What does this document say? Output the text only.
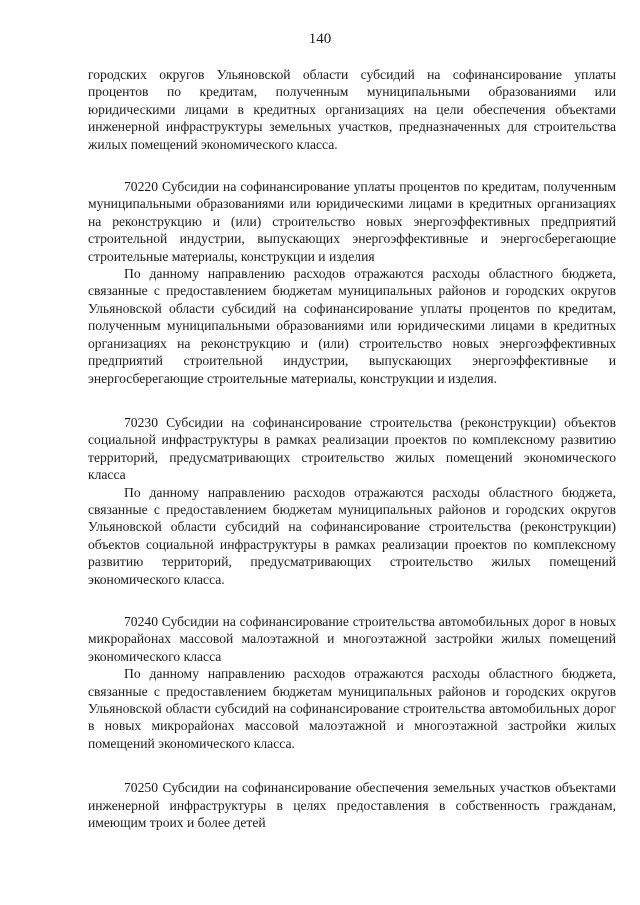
140

городских округов Ульяновской области субсидий на софинансирование уплаты процентов по кредитам, полученным муниципальными образованиями или юридическими лицами в кредитных организациях на цели обеспечения объектами инженерной инфраструктуры земельных участков, предназначенных для строительства жилых помещений экономического класса.

70220 Субсидии на софинансирование уплаты процентов по кредитам, полученным муниципальными образованиями или юридическими лицами в кредитных организациях на реконструкцию и (или) строительство новых энергоэффективных предприятий строительной индустрии, выпускающих энергоэффективные и энергосберегающие строительные материалы, конструкции и изделия

По данному направлению расходов отражаются расходы областного бюджета, связанные с предоставлением бюджетам муниципальных районов и городских округов Ульяновской области субсидий на софинансирование уплаты процентов по кредитам, полученным муниципальными образованиями или юридическими лицами в кредитных организациях на реконструкцию и (или) строительство новых энергоэффективных предприятий строительной индустрии, выпускающих энергоэффективные и энергосберегающие строительные материалы, конструкции и изделия.

70230 Субсидии на софинансирование строительства (реконструкции) объектов социальной инфраструктуры в рамках реализации проектов по комплексному развитию территорий, предусматривающих строительство жилых помещений экономического класса

По данному направлению расходов отражаются расходы областного бюджета, связанные с предоставлением бюджетам муниципальных районов и городских округов Ульяновской области субсидий на софинансирование строительства (реконструкции) объектов социальной инфраструктуры в рамках реализации проектов по комплексному развитию территорий, предусматривающих строительство жилых помещений экономического класса.

70240 Субсидии на софинансирование строительства автомобильных дорог в новых микрорайонах массовой малоэтажной и многоэтажной застройки жилых помещений экономического класса

По данному направлению расходов отражаются расходы областного бюджета, связанные с предоставлением бюджетам муниципальных районов и городских округов Ульяновской области субсидий на софинансирование строительства автомобильных дорог в новых микрорайонах массовой малоэтажной и многоэтажной застройки жилых помещений экономического класса.

70250 Субсидии на софинансирование обеспечения земельных участков объектами инженерной инфраструктуры в целях предоставления в собственность гражданам, имеющим троих и более детей
